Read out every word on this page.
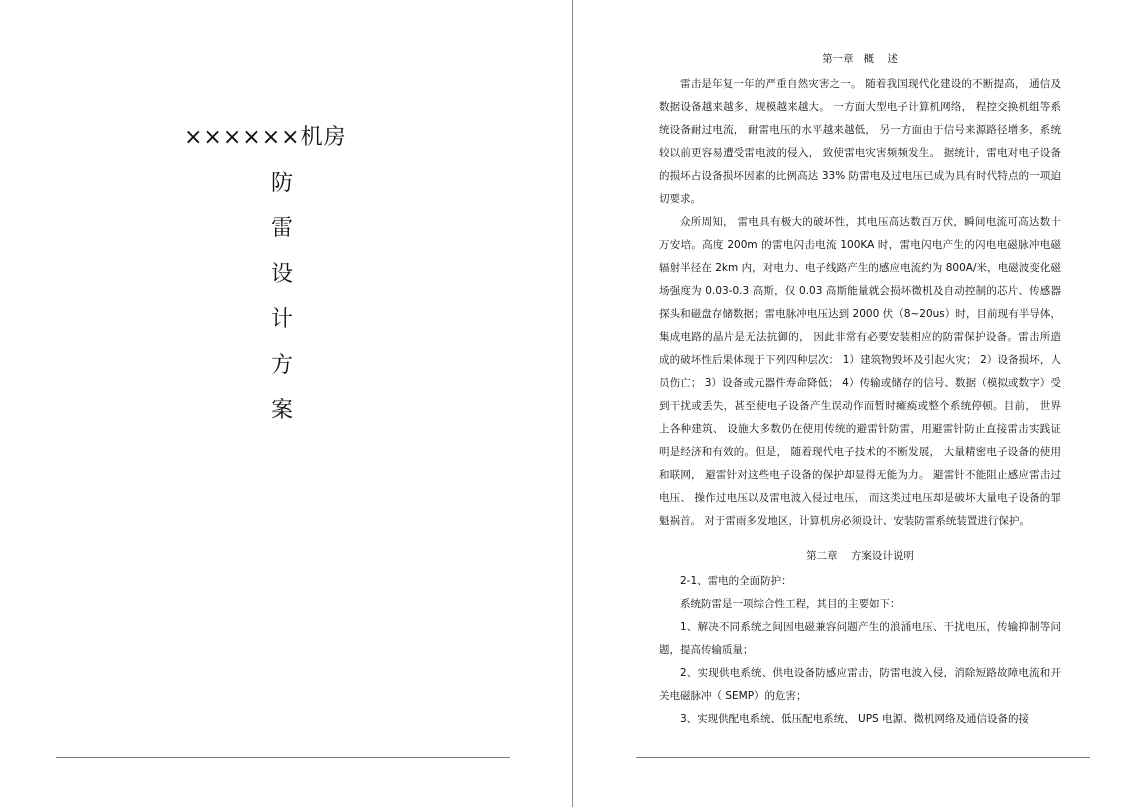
××××××机房
防
雷
设
计
方
案
第一章   概    述

雷击是年复一年的严重自然灾害之一。 随着我国现代化建设的不断提高， 通信及数据设备越来越多，规模越来越大。 一方面大型电子计算机网络， 程控交换机组等系统设备耐过电流， 耐雷电压的水平越来越低， 另一方面由于信号来源路径增多，系统较以前更容易遭受雷电波的侵入， 致使雷电灾害频频发生。 据统计，雷电对电子设备的损坏占设备损坏因素的比例高达 33% 防雷电及过电压已成为具有时代特点的一项迫切要求。

众所周知， 雷电具有极大的破坏性，其电压高达数百万伏，瞬间电流可高达数十万安培。高度 200m 的雷电闪击电流 100KA 时，雷电闪电产生的闪电电磁脉冲电磁辐射半径在 2km 内，对电力、电子线路产生的感应电流约为 800A/米，电磁波变化磁场强度为 0.03-0.3 高斯，仅 0.03 高斯能量就会损坏微机及自动控制的芯片、传感器探头和磁盘存储数据；雷电脉冲电压达到 2000 伏（8~20us）时，目前现有半导体， 集成电路的晶片是无法抗御的， 因此非常有必要安装相应的防雷保护设备。雷击所造成的破坏性后果体现于下列四种层次： 1）建筑物毁坏及引起火灾； 2）设备损坏，人员伤亡； 3）设备或元器件寿命降低； 4）传输或储存的信号、数据（模拟或数字）受到干扰或丢失，甚至使电子设备产生误动作而暂时瘫痪或整个系统停顿。目前， 世界上各种建筑、 设施大多数仍在使用传统的避雷针防雷，用避雷针防止直接雷击实践证明是经济和有效的。但是， 随着现代电子技术的不断发展， 大量精密电子设备的使用和联网， 避雷针对这些电子设备的保护却显得无能为力。 避雷针不能阻止感应雷击过电压、 操作过电压以及雷电波入侵过电压， 而这类过电压却是破坏大量电子设备的罪魁祸首。 对于雷雨多发地区，计算机房必须设计、安装防雷系统装置进行保护。

第二章    方案设计说明
2-1、雷电的全面防护：
系统防雷是一项综合性工程，其目的主要如下：

1、解决不同系统之间因电磁兼容问题产生的浪涌电压、干扰电压，传输抑制等问题，提高传输质量；

2、实现供电系统、供电设备防感应雷击，防雷电波入侵，消除短路故障电流和开关电磁脉冲（ SEMP）的危害；

3、实现供配电系统、低压配电系统、 UPS 电源、微机网络及通信设备的接
